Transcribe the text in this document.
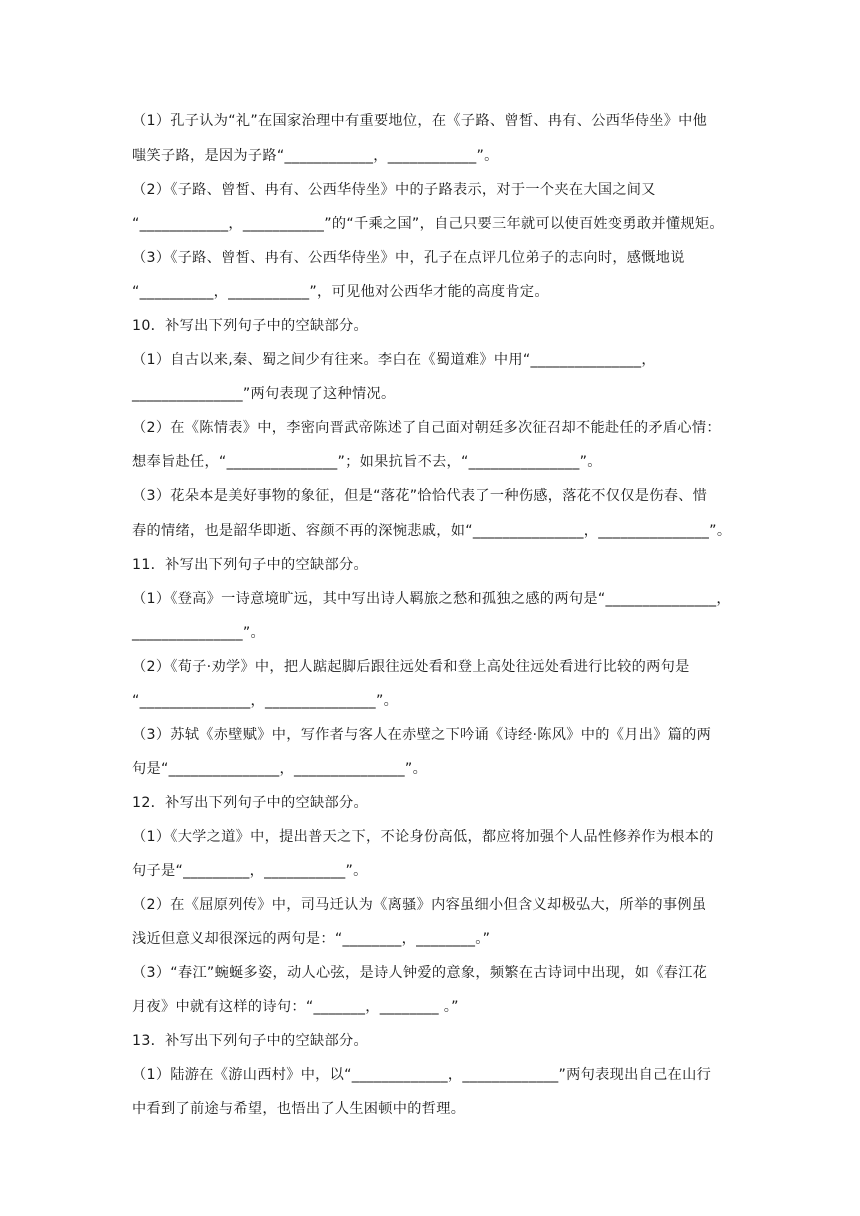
（1）孔子认为“礼”在国家治理中有重要地位，在《子路、曾皙、冉有、公西华侍坐》中他
嗤笑子路，是因为子路“____________，____________”。
（2）《子路、曾皙、冉有、公西华侍坐》中的子路表示，对于一个夹在大国之间又
“____________，___________”的“千乘之国”，自己只要三年就可以使百姓变勇敢并懂规矩。
（3）《子路、曾皙、冉有、公西华侍坐》中，孔子在点评几位弟子的志向时，感慨地说
“__________，___________”，可见他对公西华才能的高度肯定。
10．补写出下列句子中的空缺部分。
（1）自古以来,秦、蜀之间少有往来。李白在《蜀道难》中用“_______________，
_______________”两句表现了这种情况。
（2）在《陈情表》中，李密向晋武帝陈述了自己面对朝廷多次征召却不能赴任的矛盾心情：
想奉旨赴任，“_______________”；如果抗旨不去，“_______________”。
（3）花朵本是美好事物的象征，但是“落花”恰恰代表了一种伤感，落花不仅仅是伤春、惜
春的情绪，也是韶华即逝、容颜不再的深惋悲戚，如“_______________，_______________”。
11．补写出下列句子中的空缺部分。
（1）《登高》一诗意境旷远，其中写出诗人羁旅之愁和孤独之感的两句是“_______________，
_______________”。
（2）《荀子·劝学》中，把人踮起脚后跟往远处看和登上高处往远处看进行比较的两句是
“_______________，_______________”。
（3）苏轼《赤壁赋》中，写作者与客人在赤壁之下吟诵《诗经·陈风》中的《月出》篇的两
句是“_______________，_______________”。
12．补写出下列句子中的空缺部分。
（1）《大学之道》中，提出普天之下，不论身份高低，都应将加强个人品性修养作为根本的
句子是“_________，___________”。
（2）在《屈原列传》中，司马迁认为《离骚》内容虽细小但含义却极弘大，所举的事例虽
浅近但意义却很深远的两句是：“________，________。”
（3）“春江”蜿蜒多姿，动人心弦，是诗人钟爱的意象，频繁在古诗词中出现，如《春江花
月夜》中就有这样的诗句：“_______，________ 。”
13．补写出下列句子中的空缺部分。
（1）陆游在《游山西村》中，以“_____________，_____________”两句表现出自己在山行
中看到了前途与希望，也悟出了人生困顿中的哲理。
